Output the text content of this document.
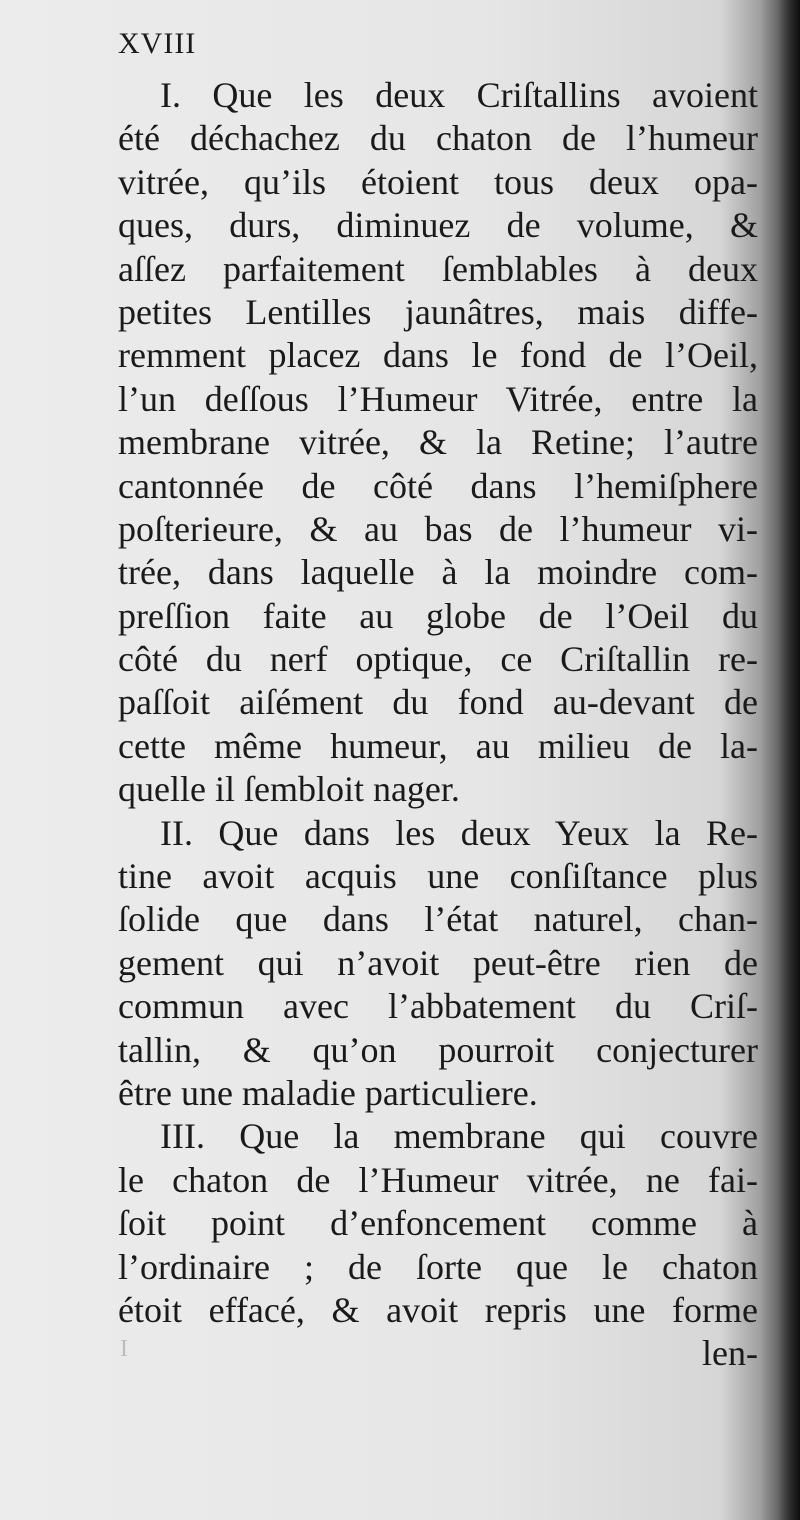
XVIII
I. Que les deux Criſtallins avoient
été déchachez du chaton de l’humeur
vitrée, qu’ils étoient tous deux opa-
ques, durs, diminuez de volume, &
aſſez parfaitement ſemblables à deux
petites Lentilles jaunâtres, mais diffe-
remment placez dans le fond de l’Oeil,
l’un deſſous l’Humeur Vitrée, entre la
membrane vitrée, & la Retine; l’autre
cantonnée de côté dans l’hemiſphere
poſterieure, & au bas de l’humeur vi-
trée, dans laquelle à la moindre com-
preſſion faite au globe de l’Oeil du
côté du nerf optique, ce Criſtallin re-
paſſoit aiſément du fond au-devant de
cette même humeur, au milieu de la-
quelle il ſembloit nager.
II. Que dans les deux Yeux la Re-
tine avoit acquis une conſiſtance plus
ſolide que dans l’état naturel, chan-
gement qui n’avoit peut-être rien de
commun avec l’abbatement du Criſ-
tallin, & qu’on pourroit conjecturer
être une maladie particuliere.
III. Que la membrane qui couvre
le chaton de l’Humeur vitrée, ne fai-
ſoit point d’enfoncement comme à
l’ordinaire ; de ſorte que le chaton
étoit effacé, & avoit repris une forme
len-
I
